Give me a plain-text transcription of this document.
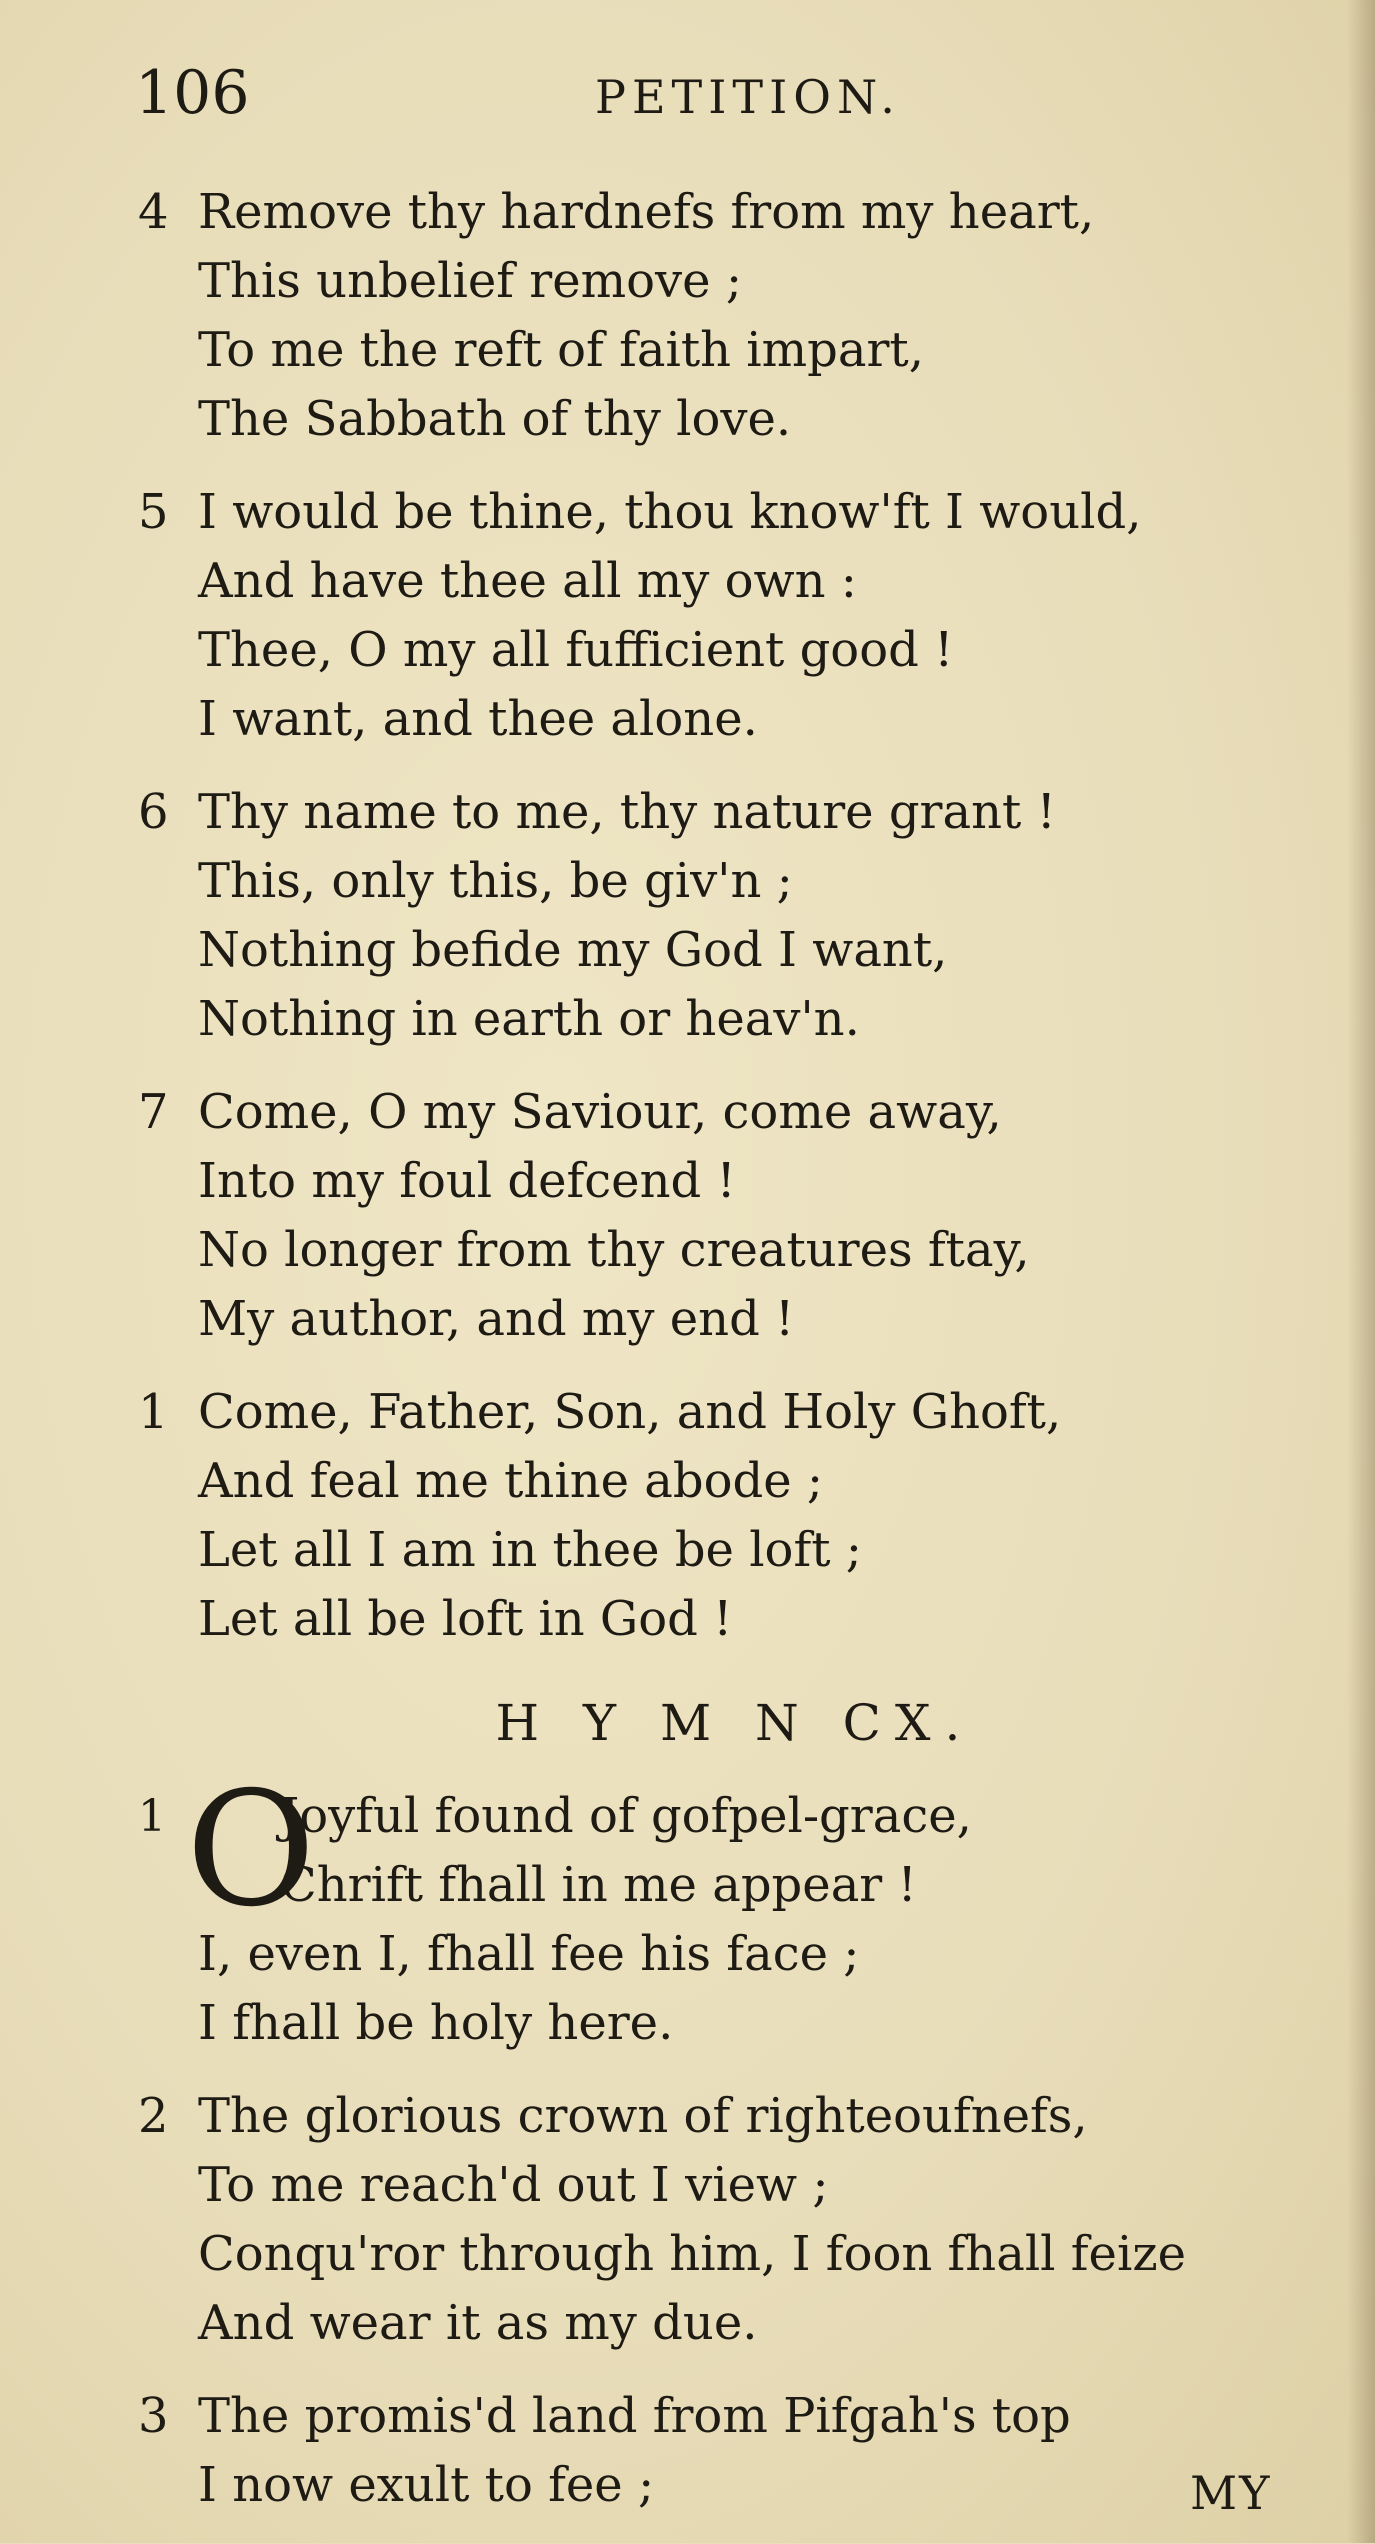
106	PETITION.
4 Remove thy hardnefs from my heart,
This unbelief remove ;
To me the reft of faith impart,
The Sabbath of thy love.
5 I would be thine, thou know'ft I would,
And have thee all my own :
Thee, O my all fufficient good !
I want, and thee alone.
6 Thy name to me, thy nature grant !
This, only this, be giv'n ;
Nothing befide my God I want,
Nothing in earth or heav'n.
7 Come, O my Saviour, come away,
Into my foul defcend !
No longer from thy creatures ftay,
My author, and my end !
1 Come, Father, Son, and Holy Ghoft,
And feal me thine abode ;
Let all I am in thee be loft ;
Let all be loft in God !
H Y M N CX.
1 O
Joyful found of gofpel-grace,
Chrift fhall in me appear !
I, even I, fhall fee his face ;
I fhall be holy here.
2 The glorious crown of righteoufnefs,
To me reach'd out I view ;
Conqu'ror through him, I foon fhall feize
And wear it as my due.
3 The promis'd land from Pifgah's top
I now exult to fee ;	MY
